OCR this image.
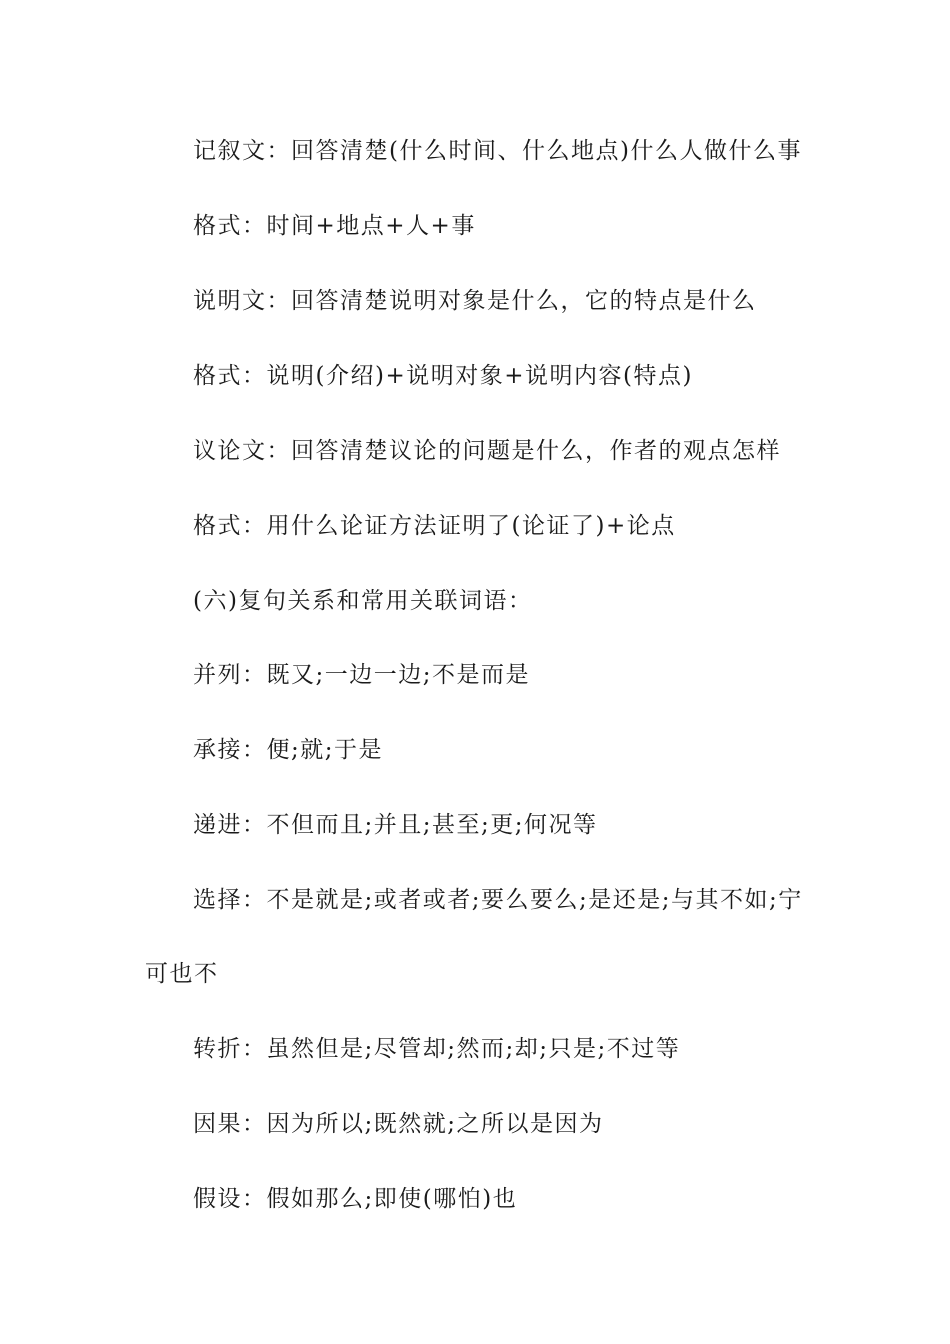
记叙文：回答清楚(什么时间、什么地点)什么人做什么事
格式：时间+地点+人+事
说明文：回答清楚说明对象是什么，它的特点是什么
格式：说明(介绍)+说明对象+说明内容(特点)
议论文：回答清楚议论的问题是什么，作者的观点怎样
格式：用什么论证方法证明了(论证了)+论点
(六)复句关系和常用关联词语：
并列：既又;一边一边;不是而是
承接：便;就;于是
递进：不但而且;并且;甚至;更;何况等
选择：不是就是;或者或者;要么要么;是还是;与其不如;宁
可也不
转折：虽然但是;尽管却;然而;却;只是;不过等
因果：因为所以;既然就;之所以是因为
假设：假如那么;即使(哪怕)也
